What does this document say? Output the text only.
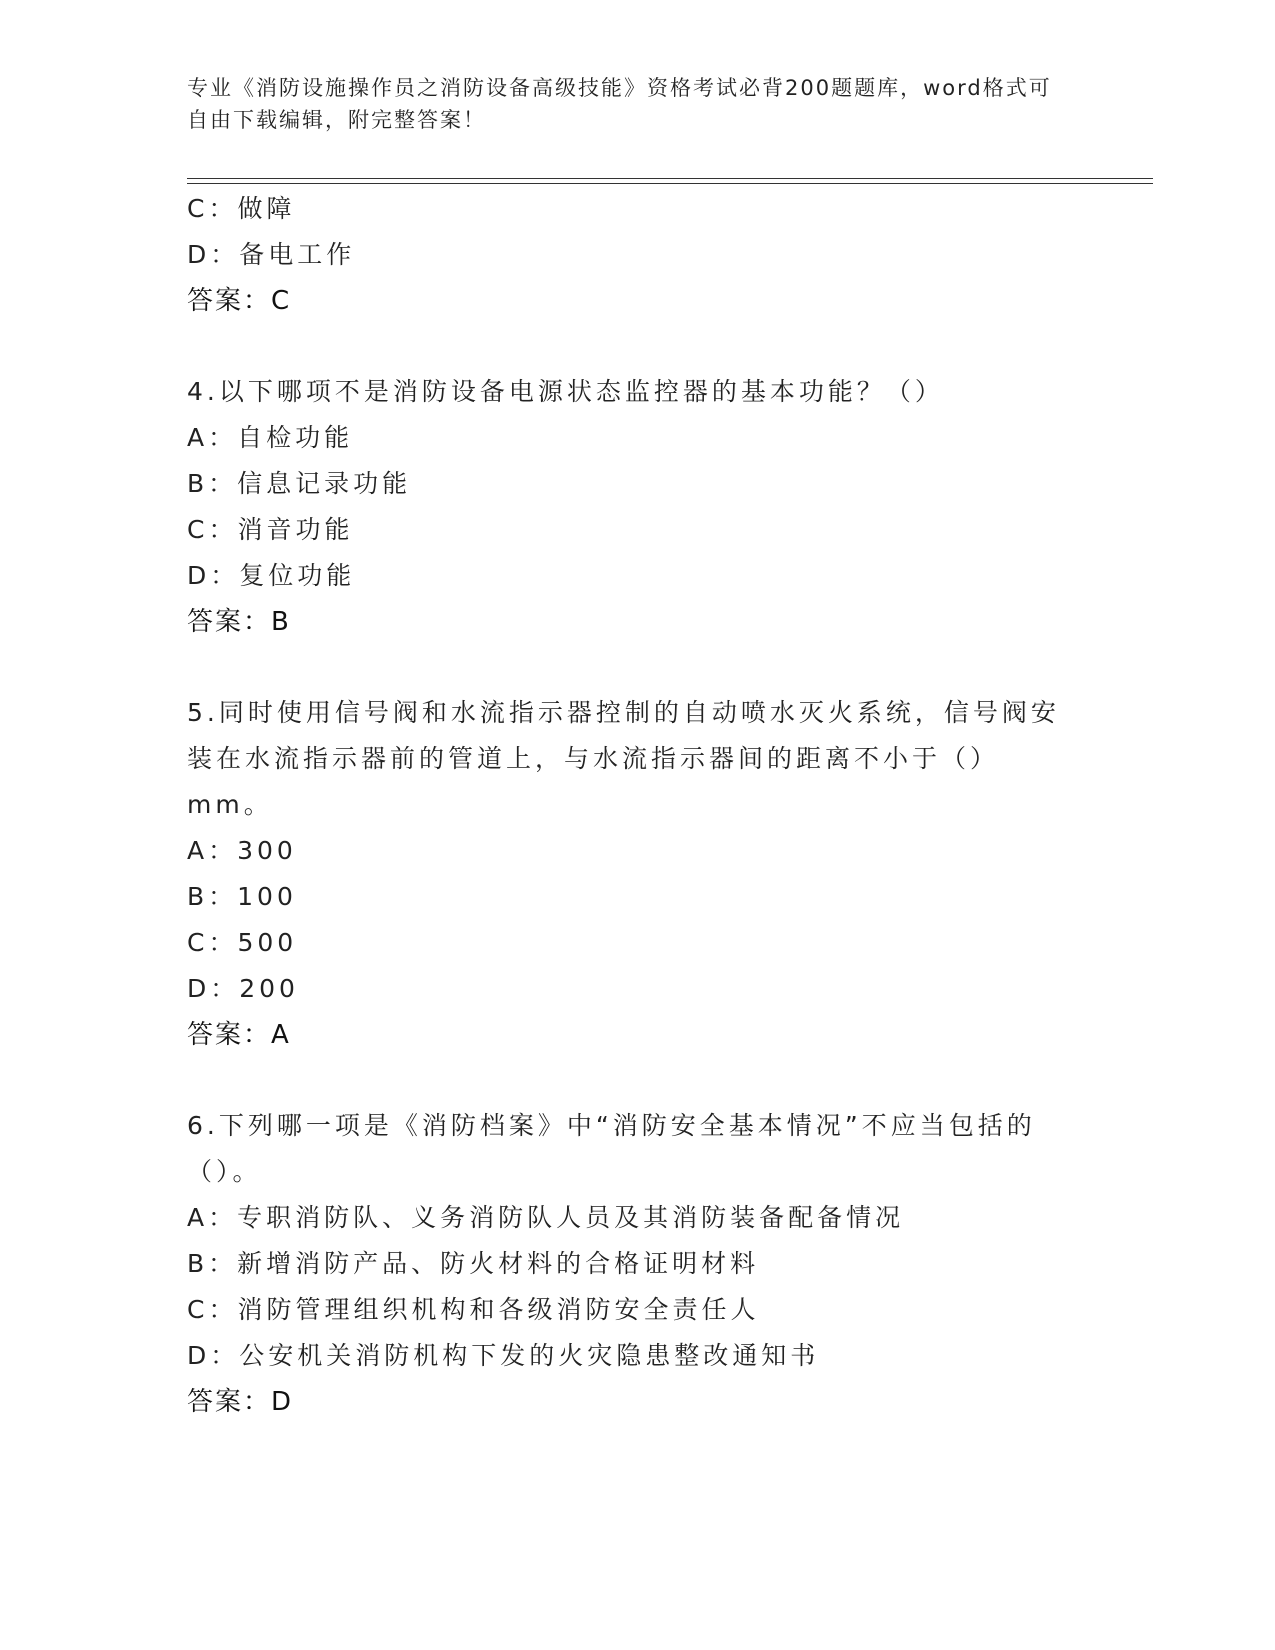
专业《消防设施操作员之消防设备高级技能》资格考试必背200题题库，word格式可自由下载编辑，附完整答案！
C：做障
D：备电工作
答案：C
4.以下哪项不是消防设备电源状态监控器的基本功能？（）
A：自检功能
B：信息记录功能
C：消音功能
D：复位功能
答案：B
5.同时使用信号阀和水流指示器控制的自动喷水灭火系统，信号阀安装在水流指示器前的管道上，与水流指示器间的距离不小于（）mm。
A：300
B：100
C：500
D：200
答案：A
6.下列哪一项是《消防档案》中“消防安全基本情况”不应当包括的（）。
A：专职消防队、义务消防队人员及其消防装备配备情况
B：新增消防产品、防火材料的合格证明材料
C：消防管理组织机构和各级消防安全责任人
D：公安机关消防机构下发的火灾隐患整改通知书
答案：D
